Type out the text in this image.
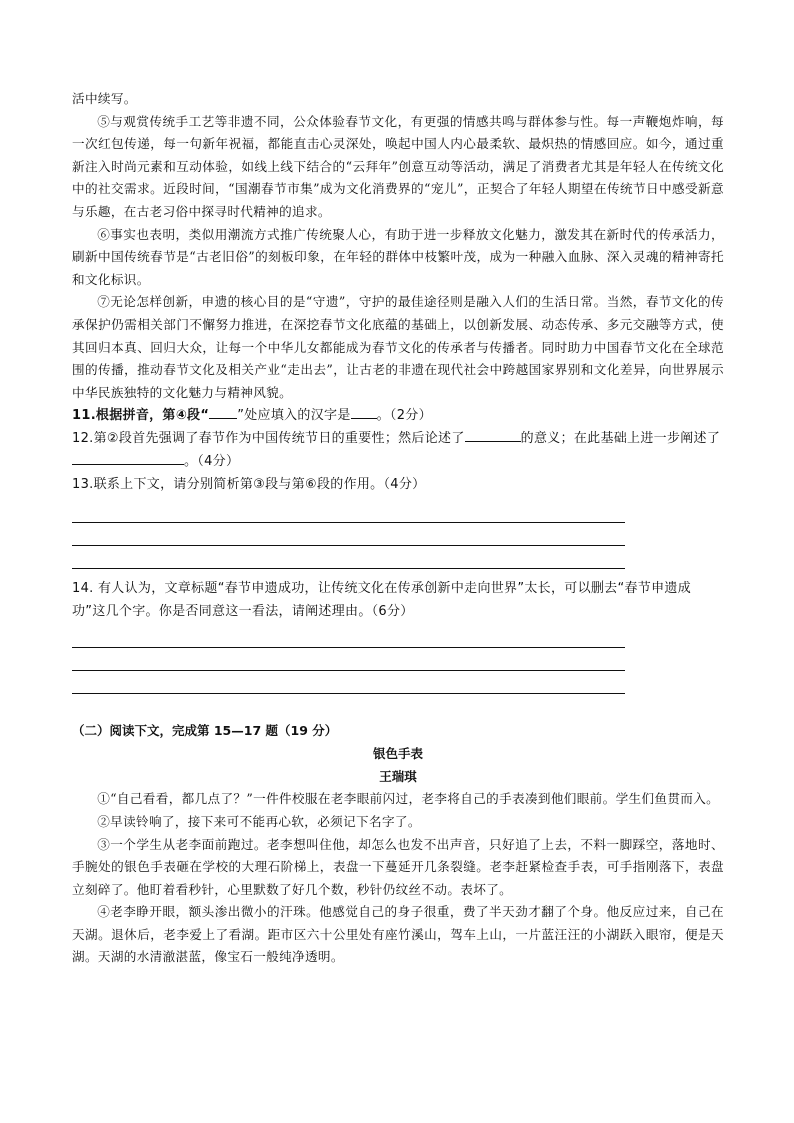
活中续写。

⑤与观赏传统手工艺等非遗不同，公众体验春节文化，有更强的情感共鸣与群体参与性。每一声鞭炮炸响，每一次红包传递，每一句新年祝福，都能直击心灵深处，唤起中国人内心最柔软、最炽热的情感回应。如今，通过重新注入时尚元素和互动体验，如线上线下结合的“云拜年”创意互动等活动，满足了消费者尤其是年轻人在传统文化中的社交需求。近段时间，“国潮春节市集”成为文化消费界的“宠儿”，正契合了年轻人期望在传统节日中感受新意与乐趣，在古老习俗中探寻时代精神的追求。

⑥事实也表明，类似用潮流方式推广传统聚人心，有助于进一步释放文化魅力，激发其在新时代的传承活力，刷新中国传统春节是“古老旧俗”的刻板印象，在年轻的群体中枝繁叶茂，成为一种融入血脉、深入灵魂的精神寄托和文化标识。

⑦无论怎样创新，申遗的核心目的是“守遗”，守护的最佳途径则是融入人们的生活日常。当然，春节文化的传承保护仍需相关部门不懈努力推进，在深挖春节文化底蕴的基础上，以创新发展、动态传承、多元交融等方式，使其回归本真、回归大众，让每一个中华儿女都能成为春节文化的传承者与传播者。同时助力中国春节文化在全球范围的传播，推动春节文化及相关产业“走出去”，让古老的非遗在现代社会中跨越国家界别和文化差异，向世界展示中华民族独特的文化魅力与精神风貌。

11.根据拼音，第④段“ ”处应填入的汉字是 。（2分）

12.第②段首先强调了春节作为中国传统节日的重要性；然后论述了	的意义；在此基础上进一步阐述了。（4分）

13.联系上下文，请分别简析第③段与第⑥段的作用。（4分）

14. 有人认为，文章标题“春节申遗成功，让传统文化在传承创新中走向世界”太长，可以删去“春节申遗成功”这几个字。你是否同意这一看法，请阐述理由。（6分）

（二）阅读下文，完成第 15—17 题（19 分）

银色手表

王瑞琪

①“自己看看，都几点了？”一件件校服在老李眼前闪过，老李将自己的手表凑到他们眼前。学生们鱼贯而入。

②早读铃响了，接下来可不能再心软，必须记下名字了。

③一个学生从老李面前跑过。老李想叫住他，却怎么也发不出声音，只好追了上去，不料一脚踩空，落地时、手腕处的银色手表砸在学校的大理石阶梯上，表盘一下蔓延开几条裂缝。老李赶紧检查手表，可手指刚落下，表盘立刻碎了。他盯着看秒针，心里默数了好几个数，秒针仍纹丝不动。表坏了。

④老李睁开眼，额头渗出微小的汗珠。他感觉自己的身子很重，费了半天劲才翻了个身。他反应过来，自己在天湖。退休后，老李爱上了看湖。距市区六十公里处有座竹溪山，驾车上山，一片蓝汪汪的小湖跃入眼帘，便是天湖。天湖的水清澈湛蓝，像宝石一般纯净透明。
